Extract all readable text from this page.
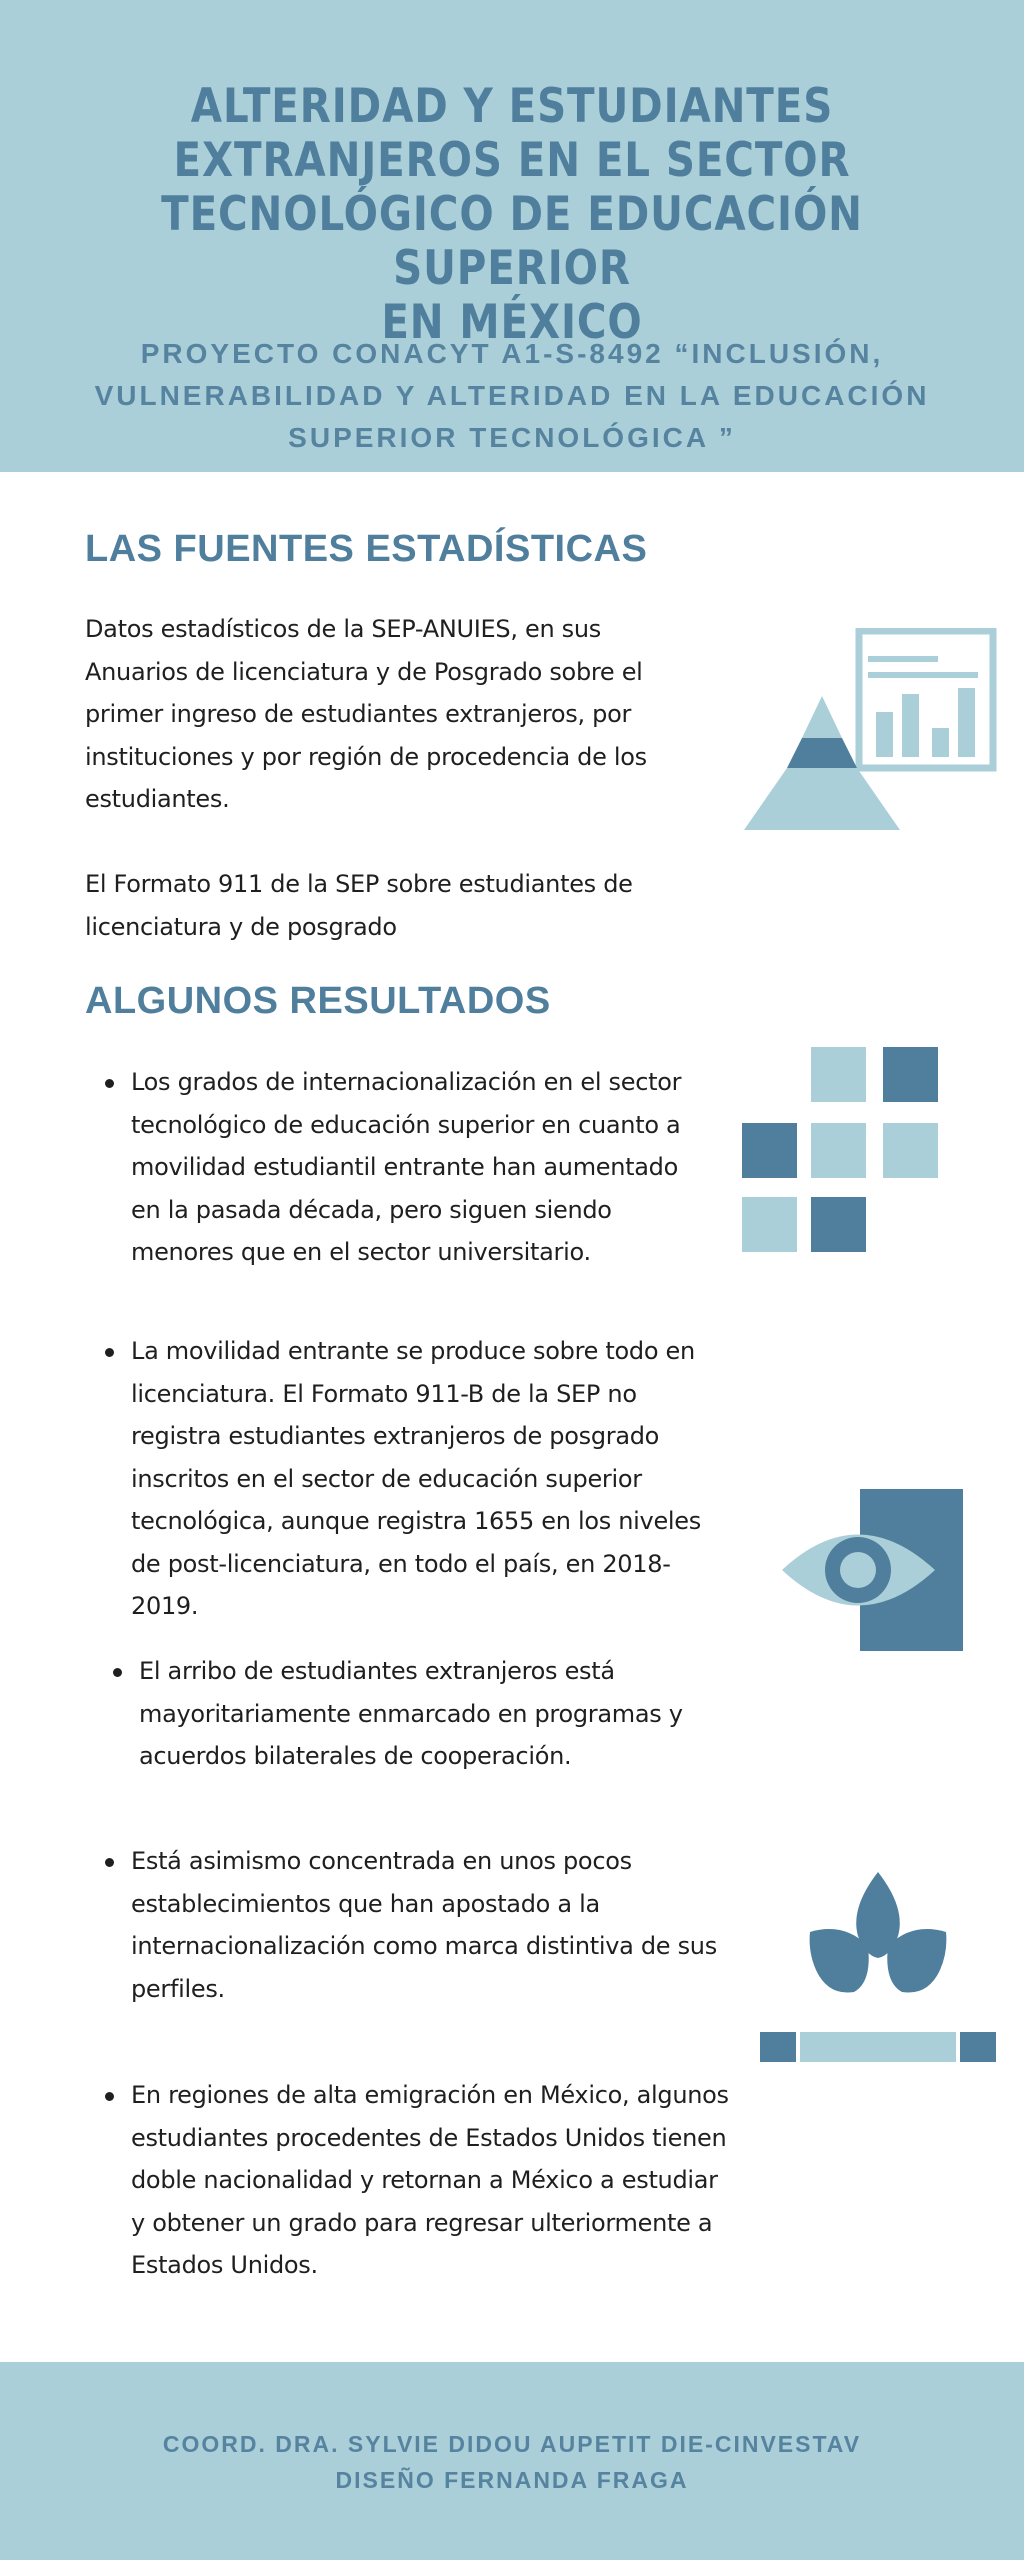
ALTERIDAD Y ESTUDIANTES
EXTRANJEROS EN EL SECTOR
TECNOLÓGICO DE EDUCACIÓN SUPERIOR
EN MÉXICO
PROYECTO CONACYT A1-S-8492 “INCLUSIÓN,
VULNERABILIDAD Y ALTERIDAD EN LA EDUCACIÓN
SUPERIOR TECNOLÓGICA ”
LAS FUENTES ESTADÍSTICAS
Datos estadísticos de la SEP-ANUIES, en sus
Anuarios de licenciatura y de Posgrado sobre el
primer ingreso de estudiantes extranjeros, por
instituciones y por región de procedencia de los
estudiantes.
El Formato 911 de la SEP sobre estudiantes de
licenciatura y de posgrado
ALGUNOS RESULTADOS
Los grados de internacionalización en el sector
tecnológico de educación superior en cuanto a
movilidad estudiantil entrante han aumentado
en la pasada década, pero siguen siendo
menores que en el sector universitario.
La movilidad entrante se produce sobre todo en
licenciatura. El Formato 911-B de la SEP no
registra estudiantes extranjeros de posgrado
inscritos en el sector de educación superior
tecnológica, aunque registra 1655 en los niveles
de post-licenciatura, en todo el país, en 2018-
2019.
El arribo de estudiantes extranjeros está
mayoritariamente enmarcado en programas y
acuerdos bilaterales de cooperación.
Está asimismo concentrada en unos pocos
establecimientos que han apostado a la
internacionalización como marca distintiva de sus
perfiles.
En regiones de alta emigración en México, algunos
estudiantes procedentes de Estados Unidos tienen
doble nacionalidad y retornan a México a estudiar
y obtener un grado para regresar ulteriormente a
Estados Unidos.
COORD. DRA. SYLVIE DIDOU AUPETIT DIE-CINVESTAV
DISEÑO FERNANDA FRAGA
